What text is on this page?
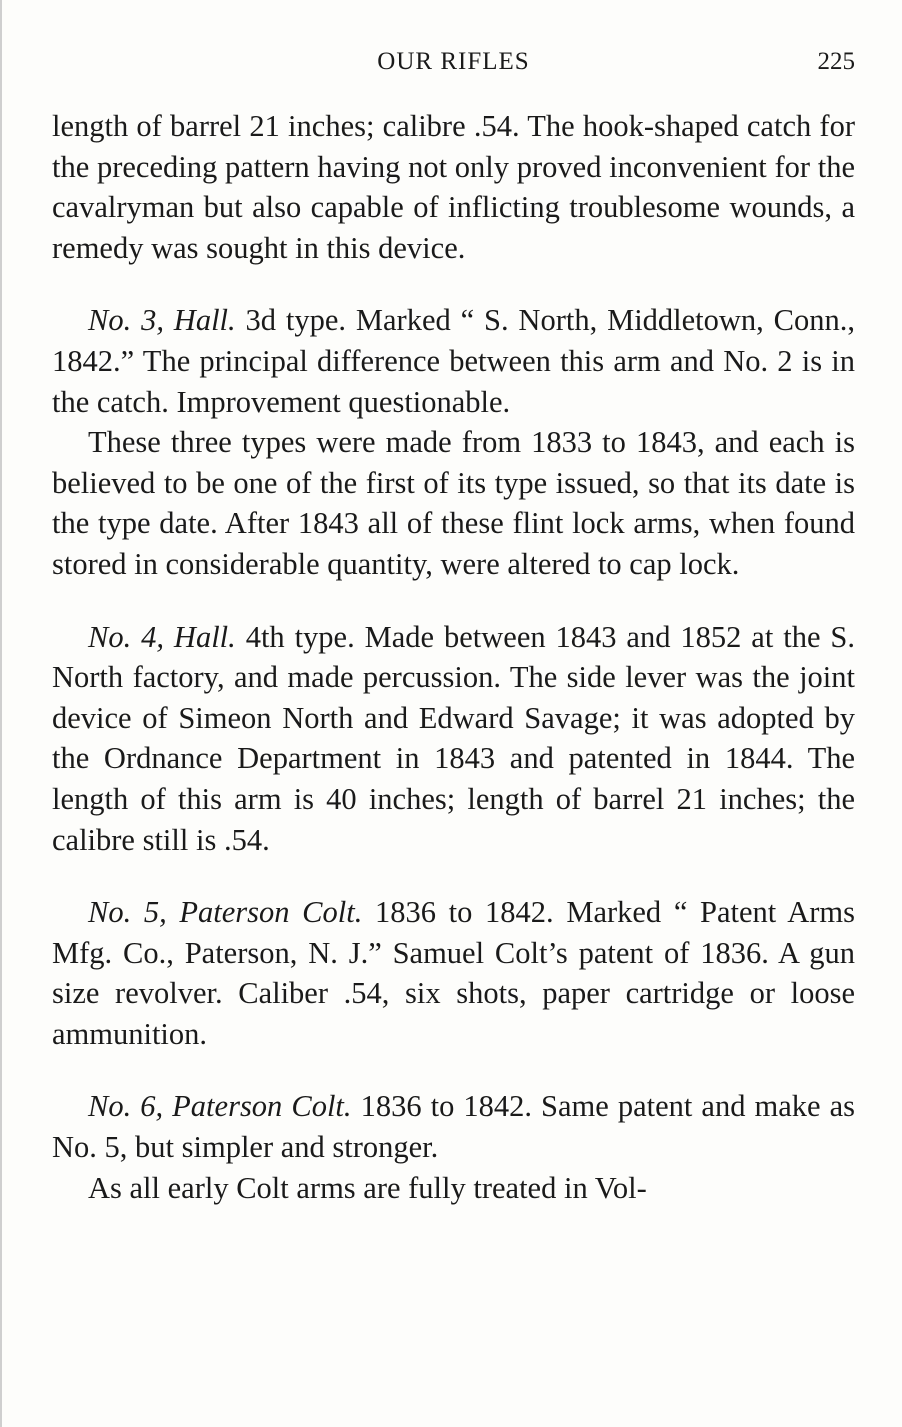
OUR RIFLES	225

length of barrel 21 inches; calibre .54. The hook-shaped catch for the preceding pattern having not only proved inconvenient for the cavalryman but also capable of inflicting troublesome wounds, a remedy was sought in this device.

No. 3, Hall. 3d type. Marked “ S. North, Middletown, Conn., 1842.” The principal difference between this arm and No. 2 is in the catch. Improvement questionable.

These three types were made from 1833 to 1843, and each is believed to be one of the first of its type issued, so that its date is the type date. After 1843 all of these flint lock arms, when found stored in considerable quantity, were altered to cap lock.

No. 4, Hall. 4th type. Made between 1843 and 1852 at the S. North factory, and made percussion. The side lever was the joint device of Simeon North and Edward Savage; it was adopted by the Ordnance Department in 1843 and patented in 1844. The length of this arm is 40 inches; length of barrel 21 inches; the calibre still is .54.

No. 5, Paterson Colt. 1836 to 1842. Marked “ Patent Arms Mfg. Co., Paterson, N. J.” Samuel Colt’s patent of 1836. A gun size revolver. Caliber .54, six shots, paper cartridge or loose ammunition.

No. 6, Paterson Colt. 1836 to 1842. Same patent and make as No. 5, but simpler and stronger.

As all early Colt arms are fully treated in Vol-
